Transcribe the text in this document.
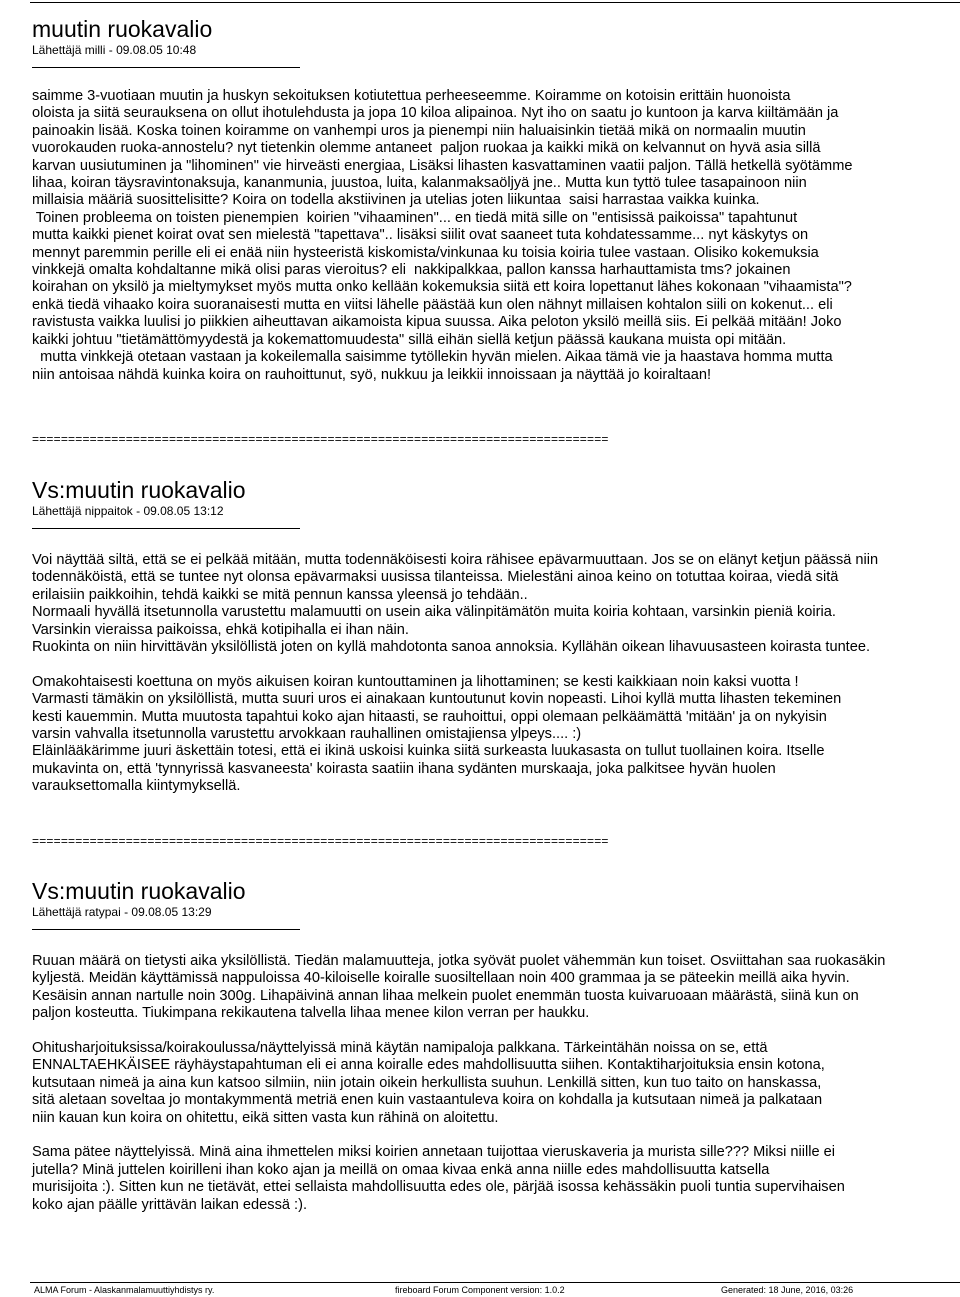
muutin ruokavalio
Lähettäjä milli - 09.08.05 10:48
saimme 3-vuotiaan muutin ja huskyn sekoituksen kotiutettua perheeseemme. Koiramme on kotoisin erittäin huonoista
oloista ja siitä seurauksena on ollut ihotulehdusta ja jopa 10 kiloa alipainoa. Nyt iho on saatu jo kuntoon ja karva kiiltämään ja
painoakin lisää. Koska toinen koiramme on vanhempi uros ja pienempi niin haluaisinkin tietää mikä on normaalin muutin
vuorokauden ruoka-annostelu? nyt tietenkin olemme antaneet  paljon ruokaa ja kaikki mikä on kelvannut on hyvä asia sillä
karvan uusiutuminen ja "lihominen" vie hirveästi energiaa, Lisäksi lihasten kasvattaminen vaatii paljon. Tällä hetkellä syötämme
lihaa, koiran täysravintonaksuja, kananmunia, juustoa, luita, kalanmaksaöljyä jne.. Mutta kun tyttö tulee tasapainoon niin
millaisia määriä suosittelisitte? Koira on todella akstiivinen ja utelias joten liikuntaa  saisi harrastaa vaikka kuinka.
Toinen probleema on toisten pienempien  koirien "vihaaminen"... en tiedä mitä sille on "entisissä paikoissa" tapahtunut
mutta kaikki pienet koirat ovat sen mielestä "tapettava".. lisäksi siilit ovat saaneet tuta kohdatessamme... nyt käskytys on
mennyt paremmin perille eli ei enää niin hysteeristä kiskomista/vinkunaa ku toisia koiria tulee vastaan. Olisiko kokemuksia
vinkkejä omalta kohdaltanne mikä olisi paras vieroitus? eli  nakkipalkkaa, pallon kanssa harhauttamista tms? jokainen
koirahan on yksilö ja mieltymykset myös mutta onko kellään kokemuksia siitä ett koira lopettanut lähes kokonaan "vihaamista"?
enkä tiedä vihaako koira suoranaisesti mutta en viitsi lähelle päästää kun olen nähnyt millaisen kohtalon siili on kokenut... eli
ravistusta vaikka luulisi jo piikkien aiheuttavan aikamoista kipua suussa. Aika peloton yksilö meillä siis. Ei pelkää mitään! Joko
kaikki johtuu "tietämättömyydestä ja kokemattomuudesta" sillä eihän siellä ketjun päässä kaukana muista opi mitään.
mutta vinkkejä otetaan vastaan ja kokeilemalla saisimme tytöllekin hyvän mielen. Aikaa tämä vie ja haastava homma mutta
niin antoisaa nähdä kuinka koira on rauhoittunut, syö, nukkuu ja leikkii innoissaan ja näyttää jo koiraltaan!
================================================================================
Vs:muutin ruokavalio
Lähettäjä nippaitok - 09.08.05 13:12
Voi näyttää siltä, että se ei pelkää mitään, mutta todennäköisesti koira rähisee epävarmuuttaan. Jos se on elänyt ketjun päässä niin
todennäköistä, että se tuntee nyt olonsa epävarmaksi uusissa tilanteissa. Mielestäni ainoa keino on totuttaa koiraa, viedä sitä
erilaisiin paikkoihin, tehdä kaikki se mitä pennun kanssa yleensä jo tehdään..
Normaali hyvällä itsetunnolla varustettu malamuutti on usein aika välinpitämätön muita koiria kohtaan, varsinkin pieniä koiria.
Varsinkin vieraissa paikoissa, ehkä kotipihalla ei ihan näin.
Ruokinta on niin hirvittävän yksilöllistä joten on kyllä mahdotonta sanoa annoksia. Kyllähän oikean lihavuusasteen koirasta tuntee.
Omakohtaisesti koettuna on myös aikuisen koiran kuntouttaminen ja lihottaminen; se kesti kaikkiaan noin kaksi vuotta !
Varmasti tämäkin on yksilöllistä, mutta suuri uros ei ainakaan kuntoutunut kovin nopeasti. Lihoi kyllä mutta lihasten tekeminen
kesti kauemmin. Mutta muutosta tapahtui koko ajan hitaasti, se rauhoittui, oppi olemaan pelkäämättä 'mitään' ja on nykyisin
varsin vahvalla itsetunnolla varustettu arvokkaan rauhallinen omistajiensa ylpeys.... :)
Eläinlääkärimme juuri äskettäin totesi, että ei ikinä uskoisi kuinka siitä surkeasta luukasasta on tullut tuollainen koira. Itselle
mukavinta on, että 'tynnyrissä kasvaneesta' koirasta saatiin ihana sydänten murskaaja, joka palkitsee hyvän huolen
varauksettomalla kiintymyksellä.
================================================================================
Vs:muutin ruokavalio
Lähettäjä ratypai - 09.08.05 13:29
Ruuan määrä on tietysti aika yksilöllistä. Tiedän malamuutteja, jotka syövät puolet vähemmän kun toiset. Osviittahan saa ruokasäkin
kyljestä. Meidän käyttämissä nappuloissa 40-kiloiselle koiralle suosiltellaan noin 400 grammaa ja se päteekin meillä aika hyvin.
Kesäisin annan nartulle noin 300g. Lihapäivinä annan lihaa melkein puolet enemmän tuosta kuivaruoaan määrästä, siinä kun on
paljon kosteutta. Tiukimpana rekikautena talvella lihaa menee kilon verran per haukku.
Ohitusharjoituksissa/koirakoulussa/näyttelyissä minä käytän namipaloja palkkana. Tärkeintähän noissa on se, että
ENNALTAEHKÄISEE räyhäystapahtuman eli ei anna koiralle edes mahdollisuutta siihen. Kontaktiharjoituksia ensin kotona,
kutsutaan nimeä ja aina kun katsoo silmiin, niin jotain oikein herkullista suuhun. Lenkillä sitten, kun tuo taito on hanskassa,
sitä aletaan soveltaa jo montakymmentä metriä enen kuin vastaantuleva koira on kohdalla ja kutsutaan nimeä ja palkataan
niin kauan kun koira on ohitettu, eikä sitten vasta kun rähinä on aloitettu.
Sama pätee näyttelyissä. Minä aina ihmettelen miksi koirien annetaan tuijottaa vieruskaveria ja murista sille??? Miksi niille ei
jutella? Minä juttelen koirilleni ihan koko ajan ja meillä on omaa kivaa enkä anna niille edes mahdollisuutta katsella
murisijoita :). Sitten kun ne tietävät, ettei sellaista mahdollisuutta edes ole, pärjää isossa kehässäkin puoli tuntia supervihaisen
koko ajan päälle yrittävän laikan edessä :).
ALMA Forum - Alaskanmalamuuttiyhdistys ry.	fireboard Forum Component version: 1.0.2	Generated: 18 June, 2016, 03:26
